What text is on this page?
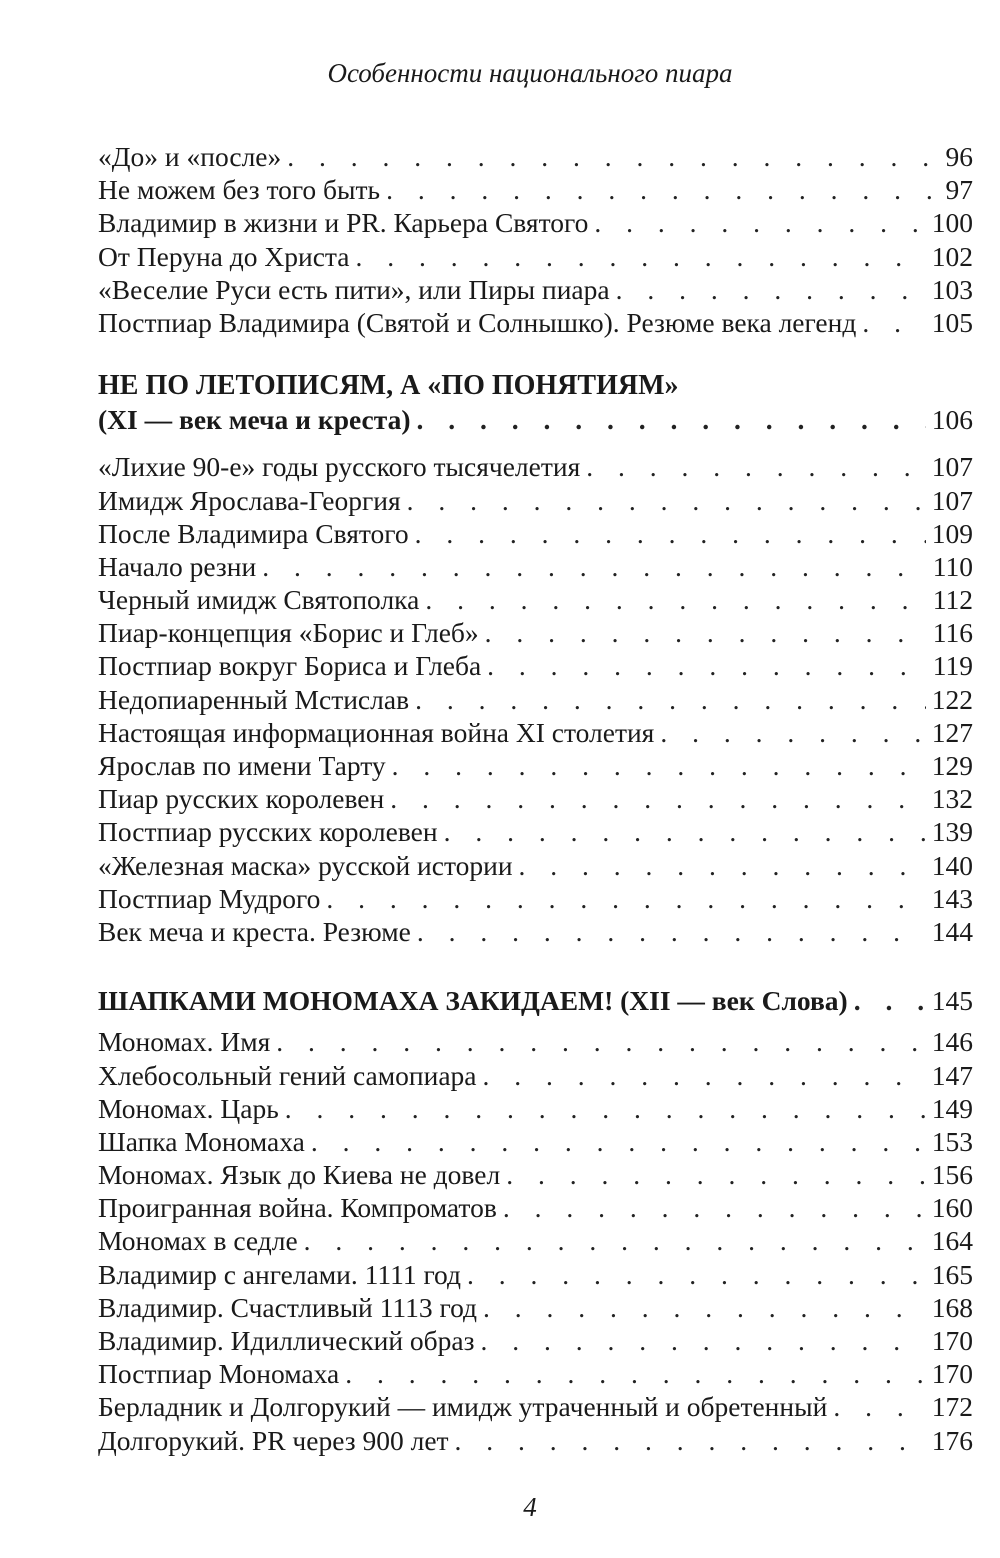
Особенности национального пиара
«До» и «после» . . .	96
Не можем без того быть . . .	97
Владимир в жизни и PR. Карьера Святого . . .	100
От Перуна до Христа . . .	102
«Веселие Руси есть пити», или Пиры пиара . . .	103
Постпиар Владимира (Святой и Солнышко). Резюме века легенд . . .	105
НЕ ПО ЛЕТОПИСЯМ, А «ПО ПОНЯТИЯМ»
(XI — век меча и креста) . . .	106
«Лихие 90-е» годы русского тысячелетия . . .	107
Имидж Ярослава-Георгия . . .	107
После Владимира Святого . . .	109
Начало резни . . .	110
Черный имидж Святополка . . .	112
Пиар-концепция «Борис и Глеб» . . .	116
Постпиар вокруг Бориса и Глеба . . .	119
Недопиаренный Мстислав . . .	122
Настоящая информационная война XI столетия . . .	127
Ярослав по имени Тарту . . .	129
Пиар русских королевен . . .	132
Постпиар русских королевен . . .	139
«Железная маска» русской истории . . .	140
Постпиар Мудрого . . .	143
Век меча и креста. Резюме . . .	144
ШАПКАМИ МОНОМАХА ЗАКИДАЕМ! (XII — век Слова) . . .	145
Мономах. Имя . . .	146
Хлебосольный гений самопиара . . .	147
Мономах. Царь . . .	149
Шапка Мономаха . . .	153
Мономах. Язык до Киева не довел . . .	156
Проигранная война. Компроматов . . .	160
Мономах в седле . . .	164
Владимир с ангелами. 1111 год . . .	165
Владимир. Счастливый 1113 год . . .	168
Владимир. Идиллический образ . . .	170
Постпиар Мономаха . . .	170
Берладник и Долгорукий — имидж утраченный и обретенный . . .	172
Долгорукий. PR через 900 лет . . .	176
4
